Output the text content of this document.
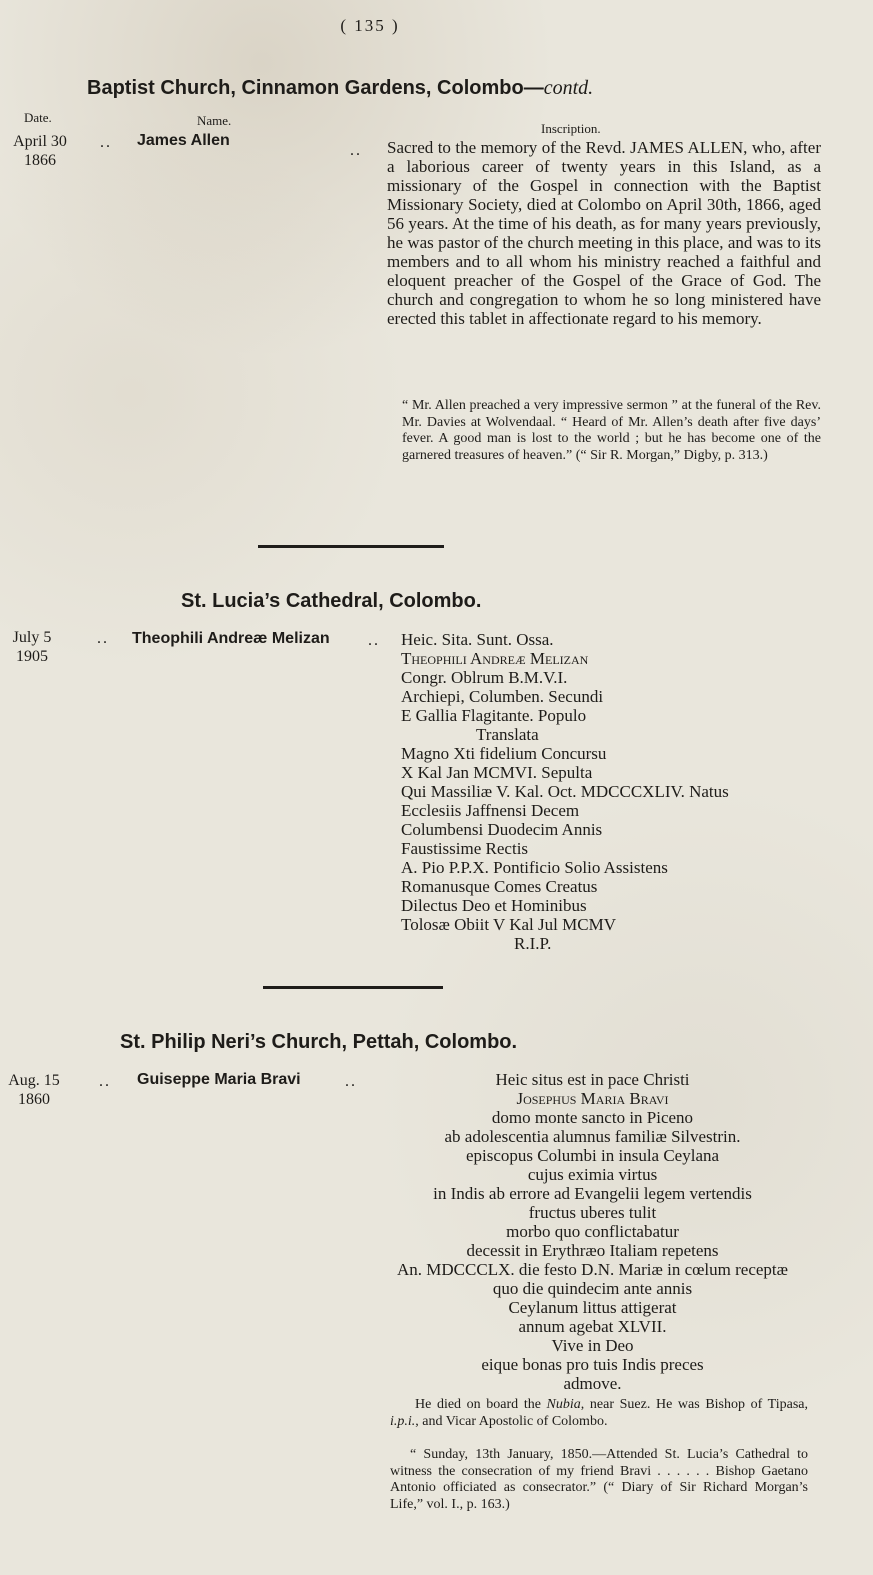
( 135 )
Baptist Church, Cinnamon Gardens, Colombo—contd.
Date.	Name.
Inscription.
April 30
1866
.. James Allen
.. Sacred to the memory of the Revd. JAMES ALLEN, who, after a laborious career of twenty years in this Island, as a missionary of the Gospel in connection with the Baptist Missionary Society, died at Colombo on April 30th, 1866, aged 56 years. At the time of his death, as for many years previously, he was pastor of the church meeting in this place, and was to its members and to all whom his ministry reached a faithful and eloquent preacher of the Gospel of the Grace of God. The church and congregation to whom he so long ministered have erected this tablet in affectionate regard to his memory.
“ Mr. Allen preached a very impressive sermon ” at the funeral of the Rev. Mr. Davies at Wolvendaal. “ Heard of Mr. Allen’s death after five days’ fever. A good man is lost to the world ; but he has become one of the garnered treasures of heaven.” (“ Sir R. Morgan,” Digby, p. 313.)
St. Lucia’s Cathedral, Colombo.
July 5
1905
.. Theophili Andreæ Melizan .. Heic. Sita. Sunt. Ossa.
Theophili Andreæ Melizan
Congr. Oblrum B.M.V.I.
Archiepi, Columben. Secundi
E Gallia Flagitante. Populo
Translata
Magno Xti fidelium Concursu
X Kal Jan MCMVI. Sepulta
Qui Massiliæ V. Kal. Oct. MDCCCXLIV. Natus
Ecclesiis Jaffnensi Decem
Columbensi Duodecim Annis
Faustissime Rectis
A. Pio P.P.X. Pontificio Solio Assistens
Romanusque Comes Creatus
Dilectus Deo et Hominibus
Tolosæ Obiit V Kal Jul MCMV
R.I.P.
St. Philip Neri’s Church, Pettah, Colombo.
Aug. 15
1860
.. Guiseppe Maria Bravi	..	Heic situs est in pace Christi
Josephus Maria Bravi
domo monte sancto in Piceno
ab adolescentia alumnus familiæ Silvestrin.
episcopus Columbi in insula Ceylana
cujus eximia virtus
in Indis ab errore ad Evangelii legem vertendis
fructus uberes tulit
morbo quo conflictabatur
decessit in Erythræo Italiam repetens
An. MDCCCLX. die festo D.N. Mariæ in cœlum receptæ
quo die quindecim ante annis
Ceylanum littus attigerat
annum agebat XLVII.
Vive in Deo
eique bonas pro tuis Indis preces
admove.
He died on board the Nubia, near Suez. He was Bishop of Tipasa, i.p.i., and Vicar Apostolic of Colombo.
“ Sunday, 13th January, 1850.—Attended St. Lucia’s Cathedral to witness the consecration of my friend Bravi . . . . . . Bishop Gaetano Antonio officiated as consecrator.” (“ Diary of Sir Richard Morgan’s Life,” vol. I., p. 163.)
